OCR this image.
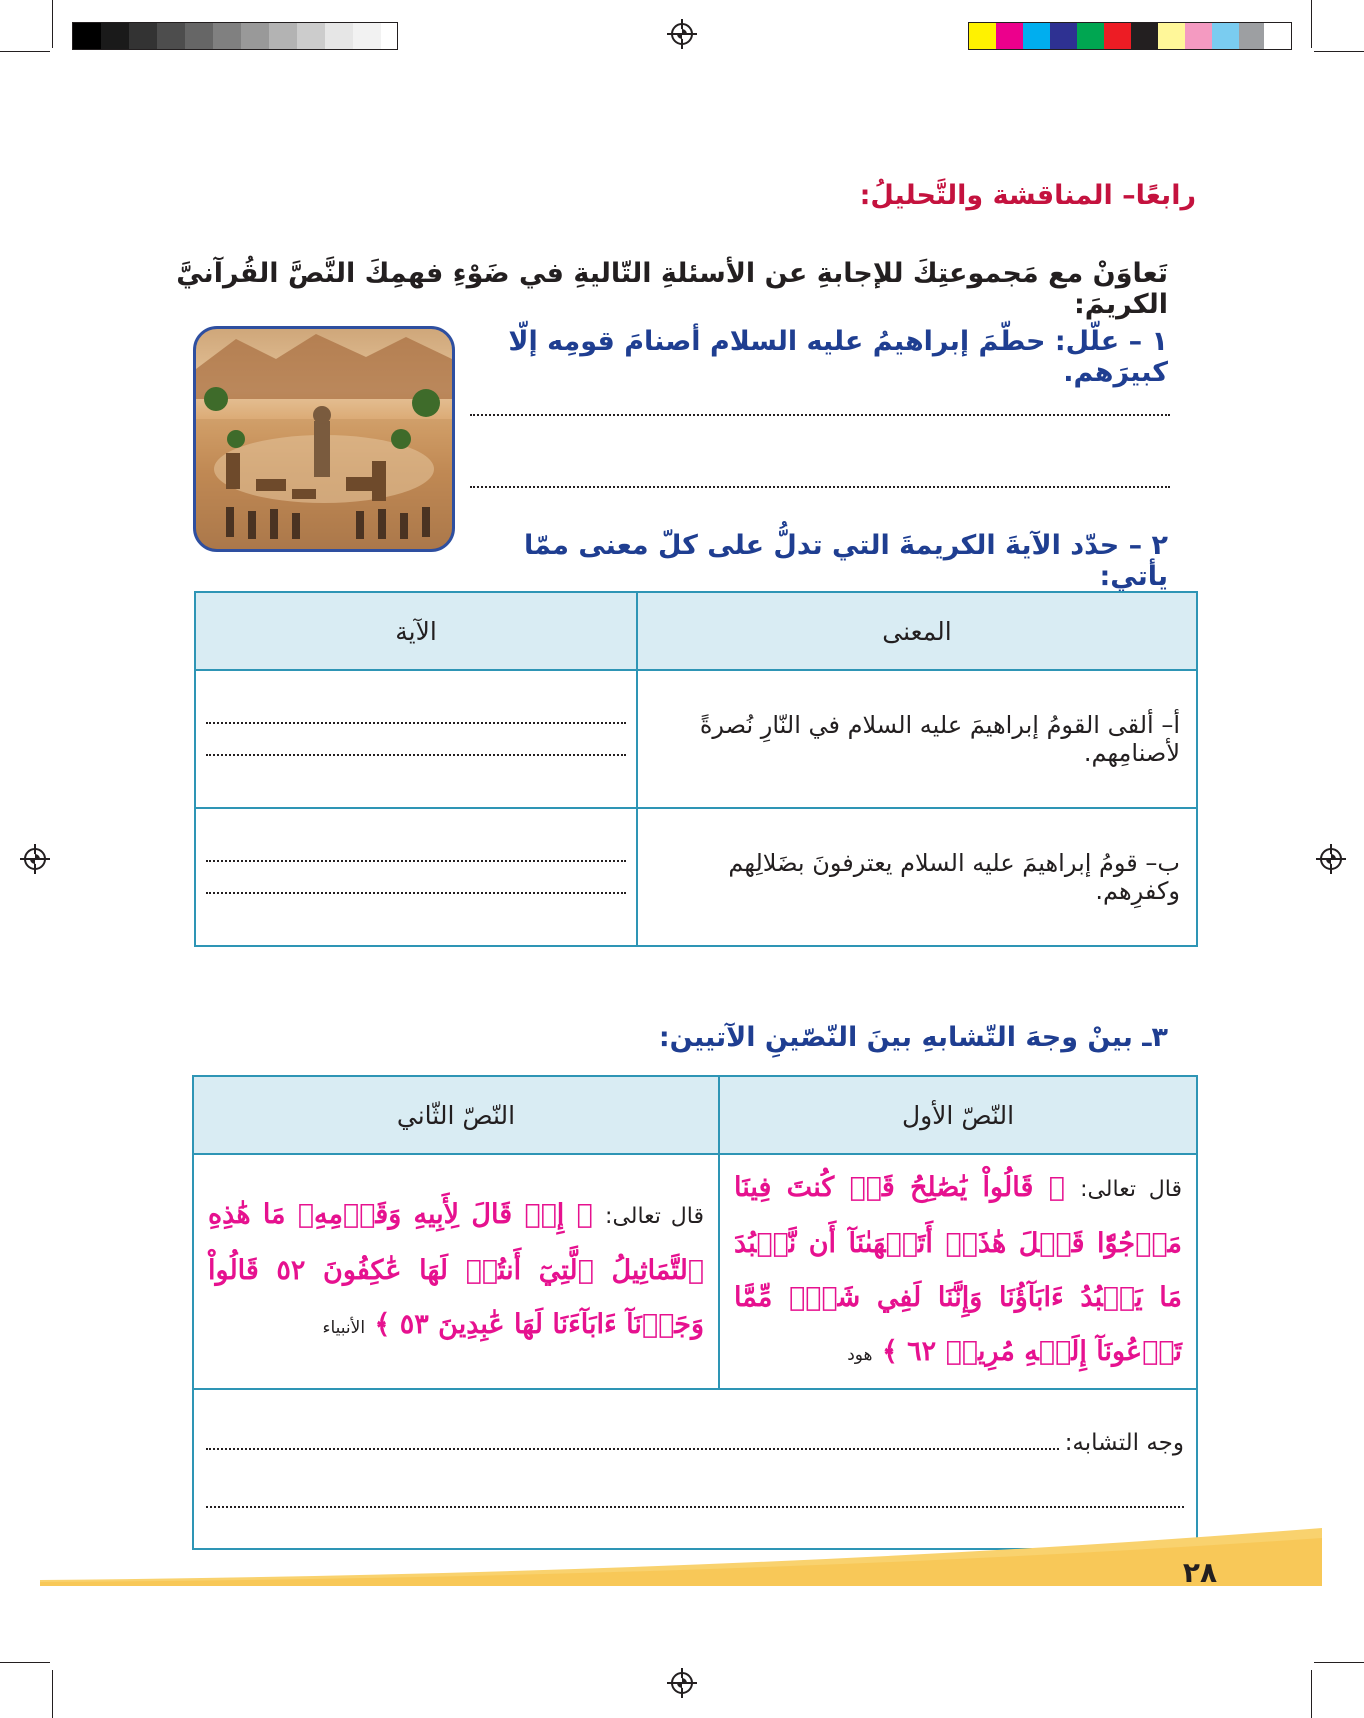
رابعًا– المناقشة والتَّحليلُ:
تَعاوَنْ مع مَجموعتِكَ للإجابةِ عن الأسئلةِ التّاليةِ في ضَوْءِ فهمِكَ النَّصَّ القُرآنيَّ الكريمَ:
١ – علّل: حطّمَ إبراهيمُ عليه السلام أصنامَ قومِه إلّا كبيرَهم.
٢ – حدّد الآيةَ الكريمةَ التي تدلُّ على كلّ معنى ممّا يأتي:
الآية	المعنى

	أ– ألقى القومُ إبراهيمَ عليه السلام في النّارِ نُصرةً لأصنامِهم.

	ب– قومُ إبراهيمَ عليه السلام يعترفونَ بضَلالِهم وكفرِهم.
٣ـ بينْ وجهَ التّشابهِ بينَ النّصّينِ الآتيين:
النّصّ الثّاني	النّصّ الأول

قال تعالى: ﴿ إِذۡ قَالَ لِأَبِيهِ وَقَوۡمِهِۦ مَا هَٰذِهِ ٱلتَّمَاثِيلُ ٱلَّتِيٓ أَنتُمۡ لَهَا عَٰكِفُونَ ٥٢ قَالُواْ وَجَدۡنَآ ءَابَآءَنَا لَهَا عَٰبِدِينَ ٥٣ ﴾ الأنبياء	قال تعالى: ﴿ قَالُواْ يَٰصَٰلِحُ قَدۡ كُنتَ فِينَا مَرۡجُوّٗا قَبۡلَ هَٰذَآۖ أَتَنۡهَىٰنَآ أَن نَّعۡبُدَ مَا يَعۡبُدُ ءَابَآؤُنَا وَإِنَّنَا لَفِي شَكّٖ مِّمَّا تَدۡعُونَآ إِلَيۡهِ مُرِيبٖ ٦٢ ﴾ هود

وجه التشابه:	
٢٨
